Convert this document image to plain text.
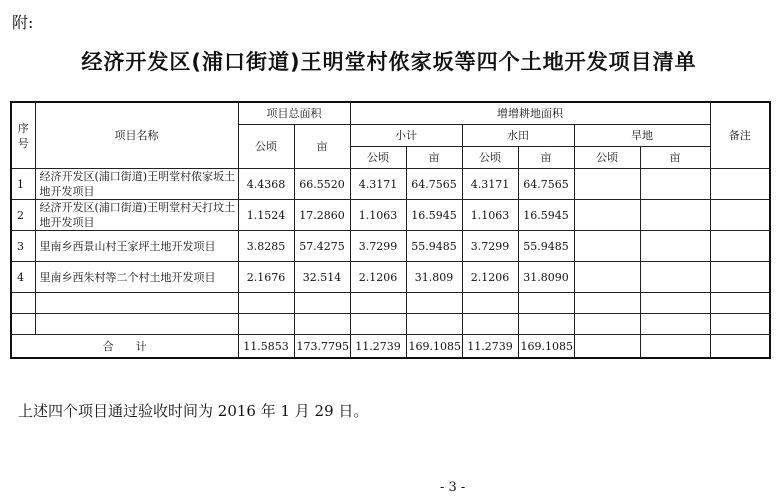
附:
经济开发区(浦口街道)王明堂村侬家坂等四个土地开发项目清单
序号	项目名称	项目总面积		增增耕地面积						备注
		公顷	亩	小计		水田		旱地		
				公顷	亩	公顷	亩	公顷	亩	
1	经济开发区(浦口街道)王明堂村侬家坂土地开发项目	4.4368	66.5520	4.3171	64.7565	4.3171	64.7565			
2	经济开发区(浦口街道)王明堂村天打坟土地开发项目	1.1524	17.2860	1.1063	16.5945	1.1063	16.5945			
3	里南乡西景山村王家坪土地开发项目	3.8285	57.4275	3.7299	55.9485	3.7299	55.9485			
4	里南乡西朱村等二个村土地开发项目	2.1676	32.514	2.1206	31.809	2.1206	31.8090			

合　　计		11.5853	173.7795	11.2739	169.1085	11.2739	169.1085			
上述四个项目通过验收时间为 2016 年 1 月 29 日。
- 3 -
